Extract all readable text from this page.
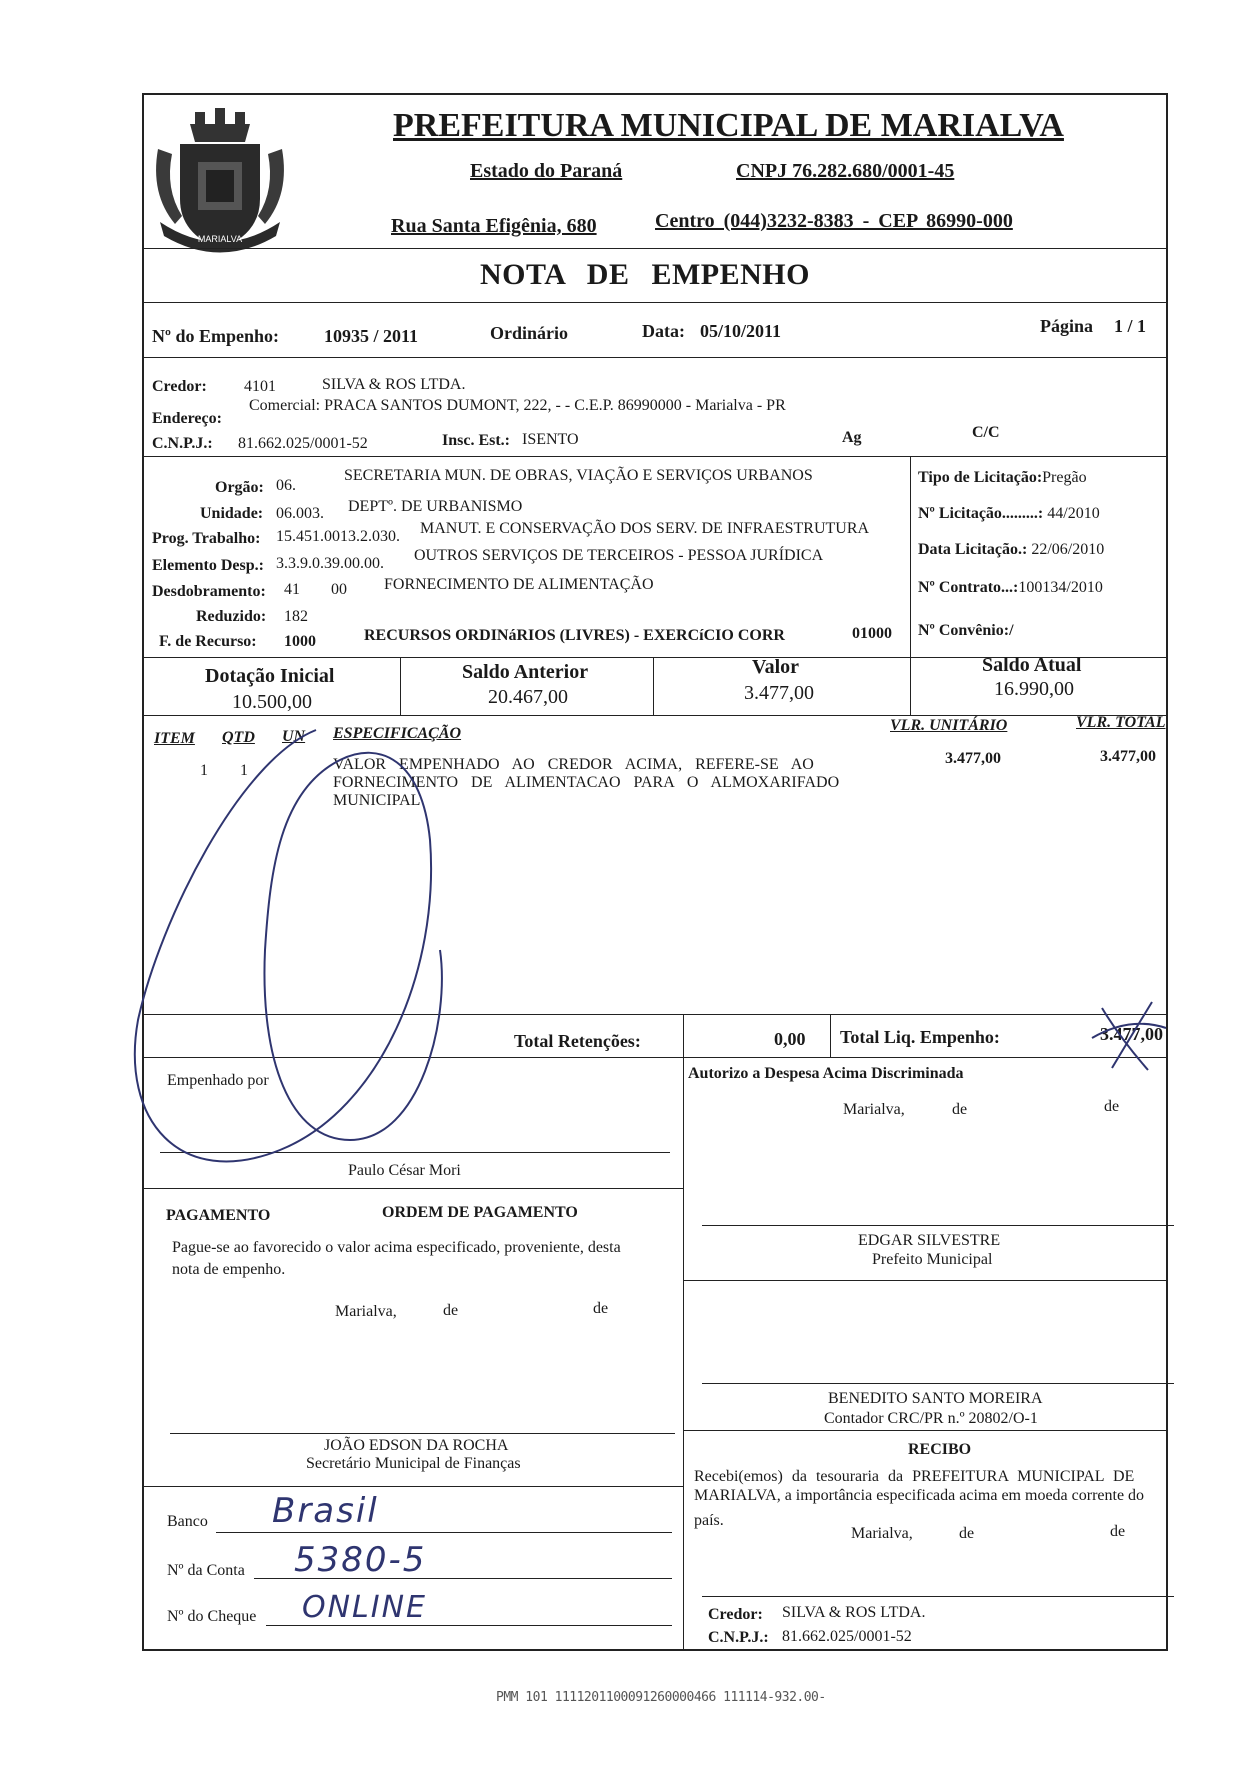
MARIALVA
PREFEITURA MUNICIPAL DE MARIALVA
Estado do Paraná	CNPJ 76.282.680/0001-45
Rua Santa Efigênia, 680	Centro (044)3232-8383 - CEP 86990-000
NOTA DE EMPENHO
Nº do Empenho:	10935 / 2011	Ordinário	Data: 05/10/2011	Página 1 / 1
Credor: 4101	SILVA & ROS LTDA.
Endereço:
Comercial: PRACA SANTOS DUMONT, 222, - - C.E.P. 86990000 - Marialva - PR
C.N.P.J.: 81.662.025/0001-52	Insc. Est.: ISENTO	Ag	C/C
Orgão: 06.
SECRETARIA MUN. DE OBRAS, VIAÇÃO E SERVIÇOS URBANOS
Unidade: 06.003. DEPTº. DE URBANISMO
Prog. Trabalho: 15.451.0013.2.030. MANUT. E CONSERVAÇÃO DOS SERV. DE INFRAESTRUTURA
Elemento Desp.: 3.3.9.0.39.00.00. OUTROS SERVIÇOS DE TERCEIROS - PESSOA JURÍDICA
Desdobramento: 41 00 FORNECIMENTO DE ALIMENTAÇÃO
Reduzido: 182
F. de Recurso: 1000	RECURSOS ORDINáRIOS (LIVRES) - EXERCíCIO CORR	01000
Tipo de Licitação:Pregão
Nº Licitação.........: 44/2010
Data Licitação.: 22/06/2010
Nº Contrato...:100134/2010
Nº Convênio:/
Dotação Inicial
10.500,00
Saldo Anterior
20.467,00
Valor
3.477,00
Saldo Atual
16.990,00
ITEM QTD UN ESPECIFICAÇÃO	VLR. UNITÁRIO	VLR. TOTAL
1 1	VALOR EMPENHADO AO CREDOR ACIMA, REFERE-SE AO
FORNECIMENTO DE ALIMENTACAO PARA O ALMOXARIFADO
MUNICIPAL
3.477,00	3.477,00
Total Retenções:	0,00 Total Liq. Empenho:	3.477,00
Empenhado por
Paulo César Mori
Autorizo a Despesa Acima Discriminada
Marialva,	de	de
EDGAR SILVESTRE
Prefeito Municipal
PAGAMENTO	ORDEM DE PAGAMENTO
Pague-se ao favorecido o valor acima especificado, proveniente, desta
nota de empenho.
Marialva,	de	de
JOÃO EDSON DA ROCHA
Secretário Municipal de Finanças
BENEDITO SANTO MOREIRA
Contador CRC/PR n.º 20802/O-1
RECIBO
Recebi(emos) da tesouraria da PREFEITURA MUNICIPAL DE
MARIALVA, a importância especificada acima em moeda corrente do
país.
Marialva,	de	de
Credor: SILVA & ROS LTDA.
C.N.P.J.: 81.662.025/0001-52
Banco Brasil
Nº da Conta 5380-5
Nº do Cheque ONLINE
PMM 101 1111201100091260000466 111114-932.00-
